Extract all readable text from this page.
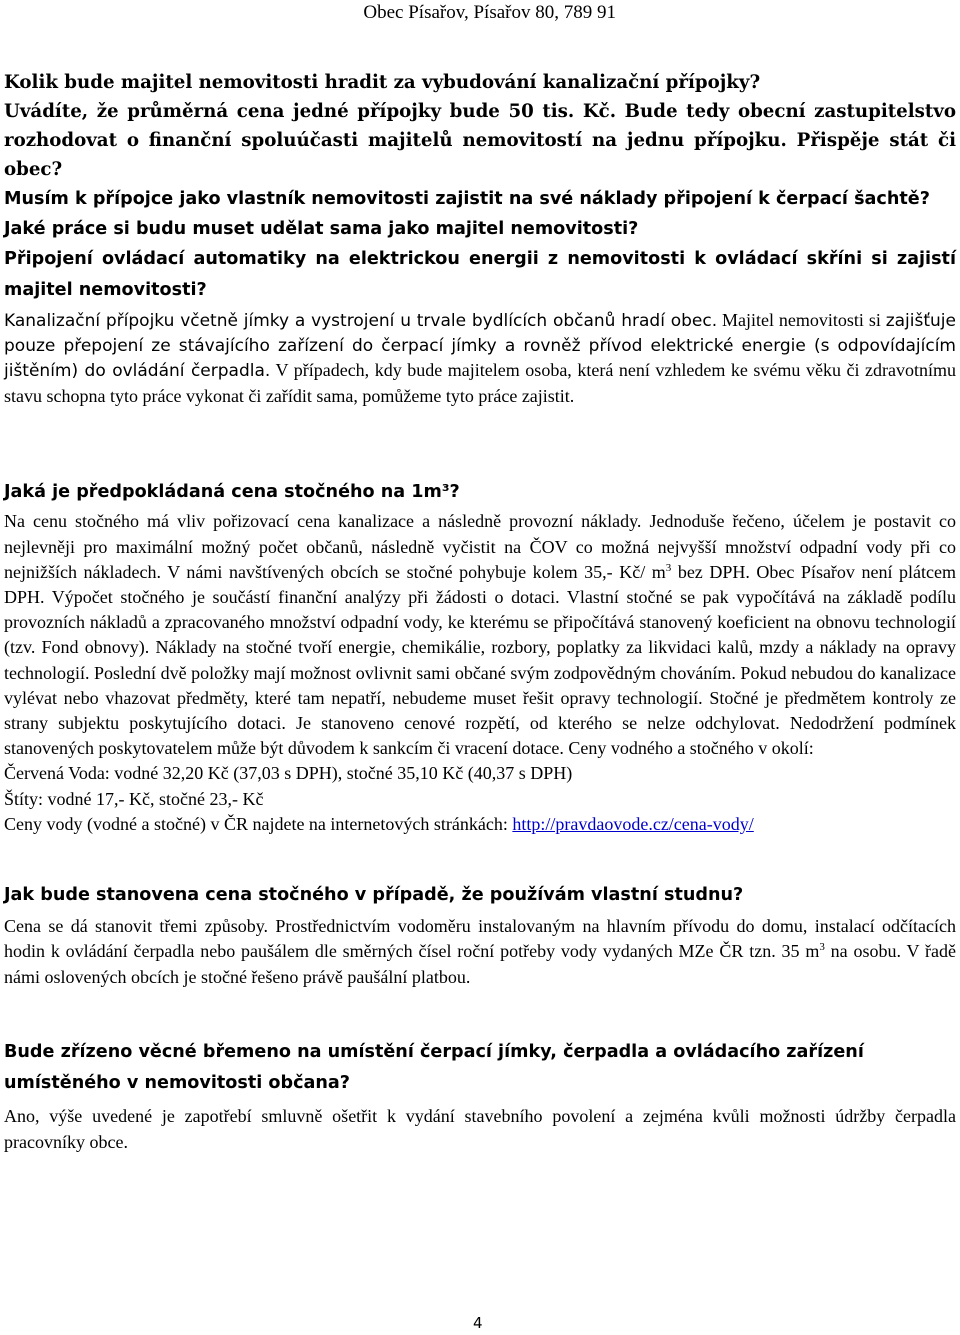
Obec Písařov, Písařov 80, 789 91

Kolik bude majitel nemovitosti hradit za vybudování kanalizační přípojky?

Uvádíte, že průměrná cena jedné přípojky bude 50 tis. Kč. Bude tedy obecní zastupitelstvo rozhodovat o finanční spoluúčasti majitelů nemovitostí na jednu přípojku. Přispěje stát či obec?

Musím k přípojce jako vlastník nemovitosti zajistit na své náklady připojení k čerpací šachtě?

Jaké práce si budu muset udělat sama jako majitel nemovitosti?

Připojení ovládací automatiky na elektrickou energii z nemovitosti k ovládací skříni si zajistí majitel nemovitosti?

Kanalizační přípojku včetně jímky a vystrojení u trvale bydlících občanů hradí obec. Majitel nemovitosti si zajišťuje pouze přepojení ze stávajícího zařízení do čerpací jímky a rovněž přívod elektrické energie (s odpovídajícím jištěním) do ovládání čerpadla. V případech, kdy bude majitelem osoba, která není vzhledem ke svému věku či zdravotnímu stavu schopna tyto práce vykonat či zařídit sama, pomůžeme tyto práce zajistit.

Jaká je předpokládaná cena stočného na 1m³?

Na cenu stočného má vliv pořizovací cena kanalizace a následně provozní náklady. Jednoduše řečeno, účelem je postavit co nejlevněji pro maximální možný počet občanů, následně vyčistit na ČOV co možná nejvyšší množství odpadní vody při co nejnižších nákladech. V námi navštívených obcích se stočné pohybuje kolem 35,- Kč/ $m^3$ bez DPH. Obec Písařov není plátcem DPH. Výpočet stočného je součástí finanční analýzy při žádosti o dotaci. Vlastní stočné se pak vypočítává na základě podílu provozních nákladů a zpracovaného množství odpadní vody, ke kterému se připočítává stanovený koeficient na obnovu technologií (tzv. Fond obnovy). Náklady na stočné tvoří energie, chemikálie, rozbory, poplatky za likvidaci kalů, mzdy a náklady na opravy technologií. Poslední dvě položky mají možnost ovlivnit sami občané svým zodpovědným chováním. Pokud nebudou do kanalizace vylévat nebo vhazovat předměty, které tam nepatří, nebudeme muset řešit opravy technologií. Stočné je předmětem kontroly ze strany subjektu poskytujícího dotaci. Je stanoveno cenové rozpětí, od kterého se nelze odchylovat. Nedodržení podmínek stanovených poskytovatelem může být důvodem k sankcím či vracení dotace. Ceny vodného a stočného v okolí:

Červená Voda: vodné 32,20 Kč (37,03 s DPH), stočné 35,10 Kč (40,37 s DPH)
Štíty: vodné 17,- Kč, stočné 23,- Kč
Ceny vody (vodné a stočné) v ČR najdete na internetových stránkách: http://pravdaovode.cz/cena-vody/

Jak bude stanovena cena stočného v případě, že používám vlastní studnu?

Cena se dá stanovit třemi způsoby. Prostřednictvím vodoměru instalovaným na hlavním přívodu do domu, instalací odčítacích hodin k ovládání čerpadla nebo paušálem dle směrných čísel roční potřeby vody vydaných MZe ČR tzn. 35 $m^3$ na osobu. V řadě námi oslovených obcích je stočné řešeno právě paušální platbou.

Bude zřízeno věcné břemeno na umístění čerpací jímky, čerpadla a ovládacího zařízení umístěného v nemovitosti občana?

Ano, výše uvedené je zapotřebí smluvně ošetřit k vydání stavebního povolení a zejména kvůli možnosti údržby čerpadla pracovníky obce.

4
